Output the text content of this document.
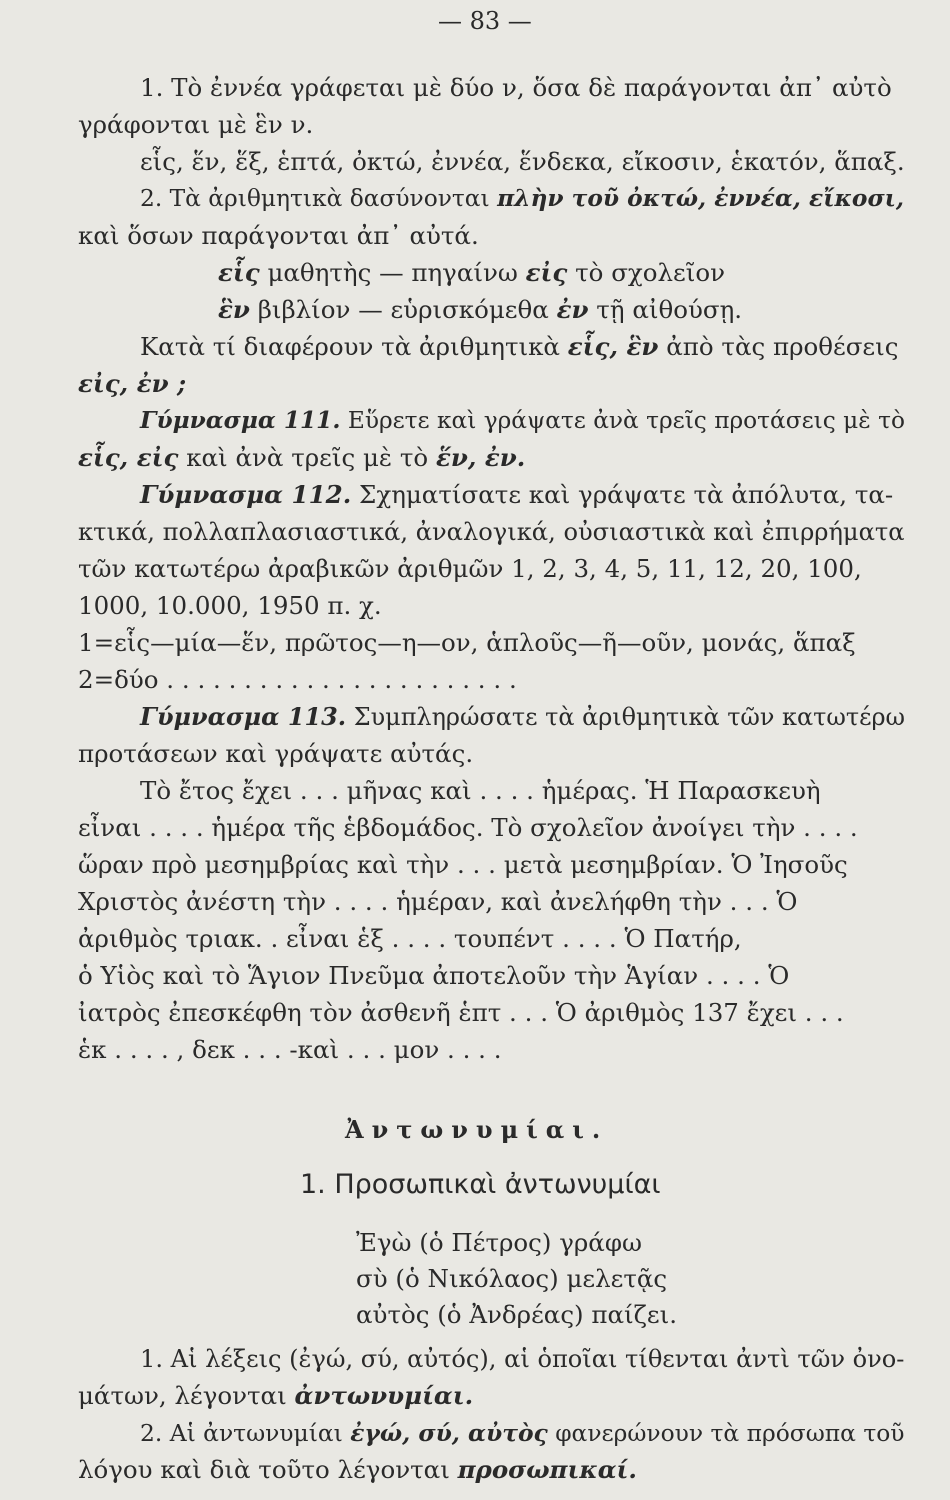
— 83 —
1. Τὸ ἐννέα γράφεται μὲ δύο ν, ὅσα δὲ παράγονται ἀπ᾽ αὐτὸ
γράφονται μὲ ἓν ν.
εἷς, ἕν, ἕξ, ἑπτά, ὀκτώ, ἐννέα, ἕνδεκα, εἴκοσιν, ἑκατόν, ἅπαξ.
2. Τὰ ἀριθμητικὰ δασύνονται πλὴν τοῦ ὀκτώ, ἐννέα, εἴκοσι,
καὶ ὅσων παράγονται ἀπ᾽ αὐτά.
εἷς μαθητὴς — πηγαίνω εἰς τὸ σχολεῖον
ἓν βιβλίον — εὑρισκόμεθα ἐν τῇ αἰθούσῃ.
Κατὰ τί διαφέρουν τὰ ἀριθμητικὰ εἷς, ἓν ἀπὸ τὰς προθέσεις
εἰς, ἐν ;
Γύμνασμα 111. Εὕρετε καὶ γράψατε ἀνὰ τρεῖς προτάσεις μὲ τὸ
εἷς, εἰς καὶ ἀνὰ τρεῖς μὲ τὸ ἕν, ἐν.
Γύμνασμα 112. Σχηματίσατε καὶ γράψατε τὰ ἀπόλυτα, τα-
κτικά, πολλαπλασιαστικά, ἀναλογικά, οὐσιαστικὰ καὶ ἐπιρρήματα
τῶν κατωτέρω ἀραβικῶν ἀριθμῶν 1, 2, 3, 4, 5, 11, 12, 20, 100,
1000, 10.000, 1950 π. χ.
1=εἷς—μία—ἕν, πρῶτος—η—ον, ἁπλοῦς—ῆ—οῦν, μονάς, ἅπαξ
2=δύο . . . . . . . . . . . . . . . . . . . . . . .
Γύμνασμα 113. Συμπληρώσατε τὰ ἀριθμητικὰ τῶν κατωτέρω
προτάσεων καὶ γράψατε αὐτάς.
Τὸ ἔτος ἔχει . . . μῆνας καὶ . . . . ἡμέρας. Ἡ Παρασκευὴ
εἶναι . . . . ἡμέρα τῆς ἑβδομάδος. Τὸ σχολεῖον ἀνοίγει τὴν . . . .
ὥραν πρὸ μεσημβρίας καὶ τὴν . . . μετὰ μεσημβρίαν. Ὁ Ἰησοῦς
Χριστὸς ἀνέστη τὴν . . . . ἡμέραν, καὶ ἀνελήφθη τὴν . . . Ὁ
ἀριθμὸς τριακ. . εἶναι ἑξ . . . . τουπέντ . . . . Ὁ Πατήρ,
ὁ Υἱὸς καὶ τὸ Ἅγιον Πνεῦμα ἀποτελοῦν τὴν Ἁγίαν . . . . Ὁ
ἰατρὸς ἐπεσκέφθη τὸν ἀσθενῆ ἑπτ . . . Ὁ ἀριθμὸς 137 ἔχει . . .
ἑκ . . . . , δεκ . . . -καὶ . . . μον . . . .
Ἀντωνυμίαι.
1. Προσωπικαὶ ἀντωνυμίαι
Ἐγὼ (ὁ Πέτρος) γράφω
σὺ (ὁ Νικόλαος) μελετᾷς
αὐτὸς (ὁ Ἀνδρέας) παίζει.
1. Αἱ λέξεις (ἐγώ, σύ, αὐτός), αἱ ὁποῖαι τίθενται ἀντὶ τῶν ὀνο-
μάτων, λέγονται ἀντωνυμίαι.
2. Αἱ ἀντωνυμίαι ἐγώ, σύ, αὐτὸς φανερώνουν τὰ πρόσωπα τοῦ
λόγου καὶ διὰ τοῦτο λέγονται προσωπικαί.
